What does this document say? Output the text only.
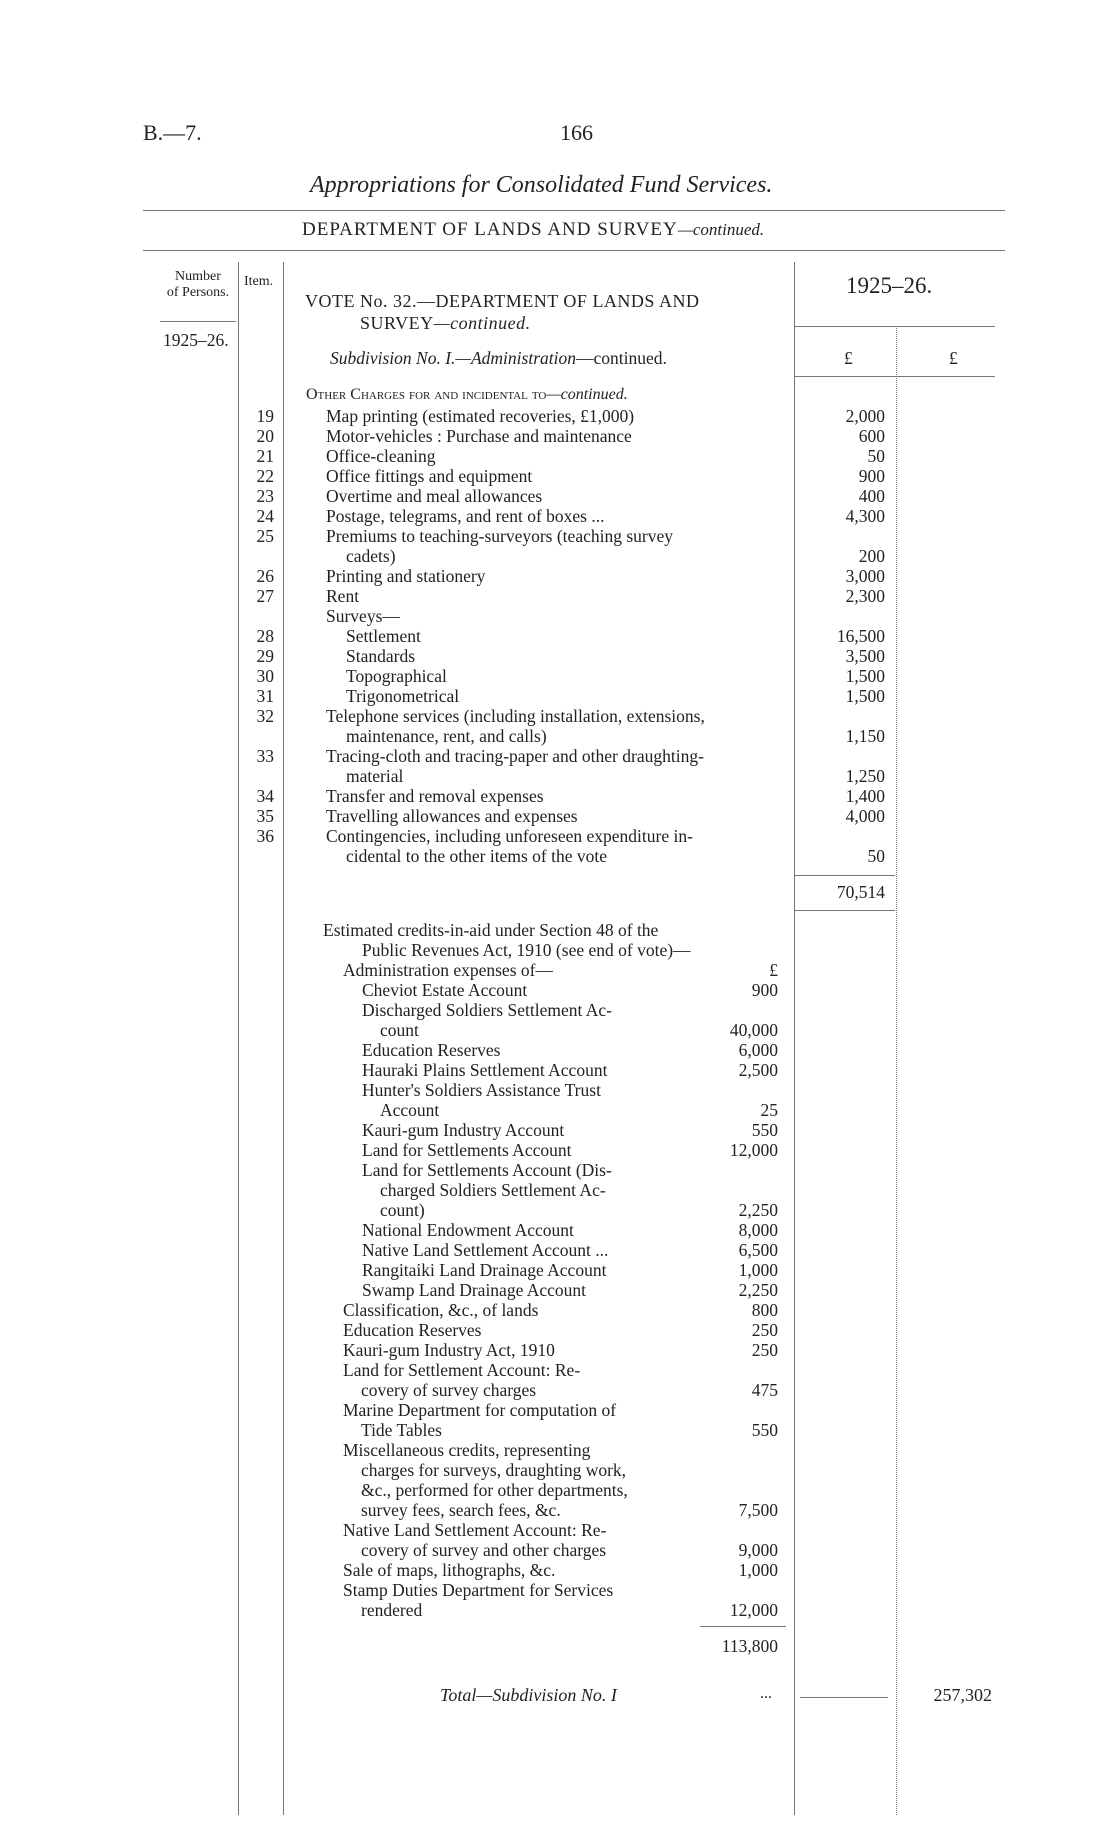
B.—7.	166
Appropriations for Consolidated Fund Services.
DEPARTMENT OF LANDS AND SURVEY—continued.
Number
of Persons.
Item.
1925–26.
VOTE No. 32.—DEPARTMENT OF LANDS AND
SURVEY—continued.
1925–26.
Subdivision No. I.—Administration—continued.	£	£
Other Charges for and incidental to—continued.
19	Map printing (estimated recoveries, £1,000)	2,000
20	Motor-vehicles : Purchase and maintenance	600
21	Office-cleaning	50
22	Office fittings and equipment	900
23	Overtime and meal allowances	400
24	Postage, telegrams, and rent of boxes ...	4,300
25	Premiums to teaching-surveyors (teaching survey
cadets)	200
26	Printing and stationery	3,000
27	Rent	2,300
Surveys—
28	Settlement	16,500
29	Standards	3,500
30	Topographical	1,500
31	Trigonometrical	1,500
32	Telephone services (including installation, extensions,
maintenance, rent, and calls)	1,150
33	Tracing-cloth and tracing-paper and other draughting-
material	1,250
34	Transfer and removal expenses	1,400
35	Travelling allowances and expenses	4,000
36	Contingencies, including unforeseen expenditure in-
cidental to the other items of the vote	50
70,514
Estimated credits-in-aid under Section 48 of the
Public Revenues Act, 1910 (see end of vote)—
Administration expenses of—	£
Cheviot Estate Account	900
Discharged Soldiers Settlement Ac-
count	40,000
Education Reserves	6,000
Hauraki Plains Settlement Account	2,500
Hunter's Soldiers Assistance Trust
Account	25
Kauri-gum Industry Account	550
Land for Settlements Account	12,000
Land for Settlements Account (Dis-
charged Soldiers Settlement Ac-
count)	2,250
National Endowment Account	8,000
Native Land Settlement Account ...	6,500
Rangitaiki Land Drainage Account	1,000
Swamp Land Drainage Account	2,250
Classification, &c., of lands	800
Education Reserves	250
Kauri-gum Industry Act, 1910	250
Land for Settlement Account: Re-
covery of survey charges	475
Marine Department for computation of
Tide Tables	550
Miscellaneous credits, representing
charges for surveys, draughting work,
&c., performed for other departments,
survey fees, search fees, &c.	7,500
Native Land Settlement Account: Re-
covery of survey and other charges	9,000
Sale of maps, lithographs, &c.	1,000
Stamp Duties Department for Services
rendered	12,000
113,800
Total—Subdivision No. I	...	257,302
